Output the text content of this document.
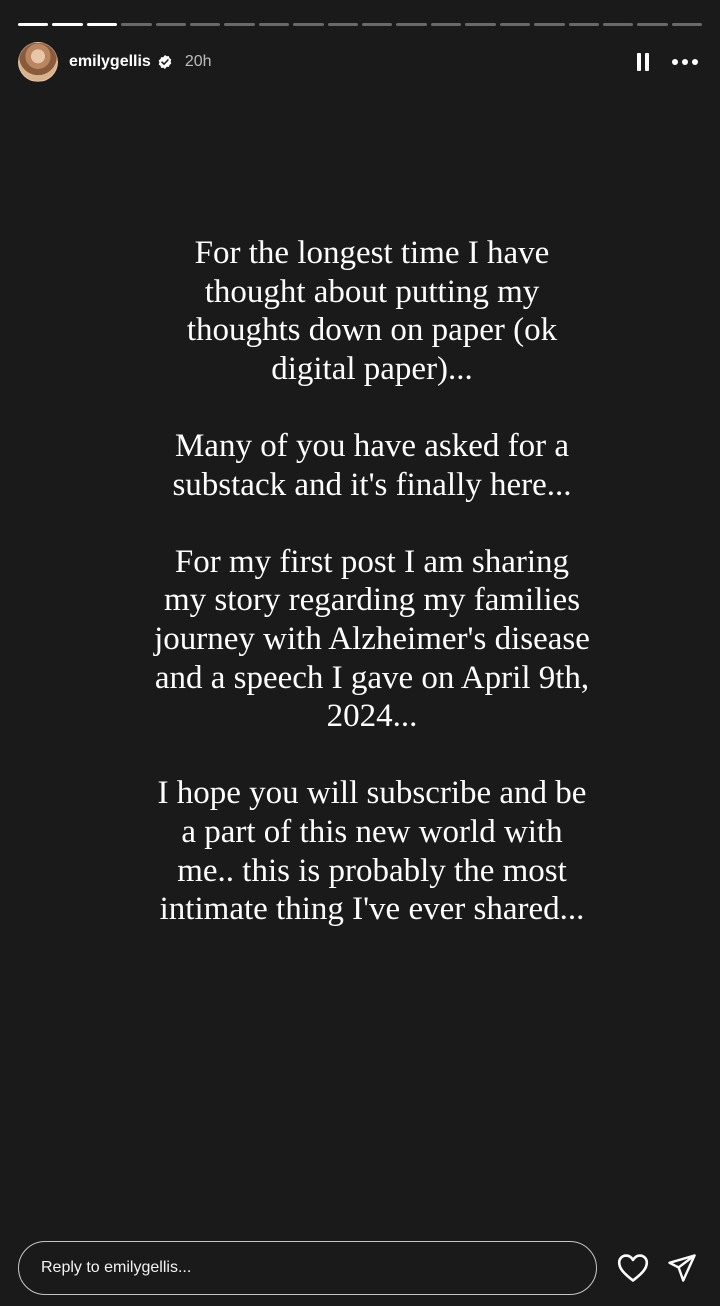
emilygellis 20h

For the longest time I have thought about putting my thoughts down on paper (ok digital paper)...

Many of you have asked for a substack and it's finally here...

For my first post I am sharing my story regarding my families journey with Alzheimer's disease and a speech I gave on April 9th, 2024...

I hope you will subscribe and be a part of this new world with me.. this is probably the most intimate thing I've ever shared...

Reply to emilygellis...
